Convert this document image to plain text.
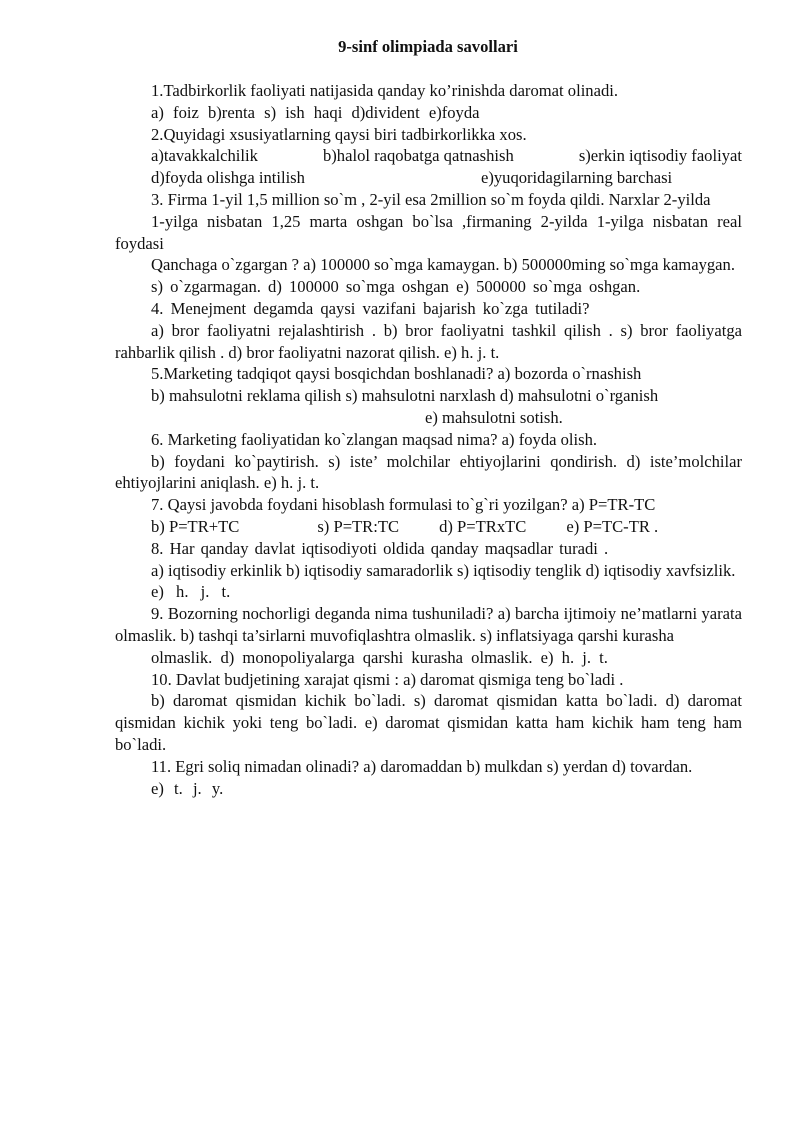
9-sinf olimpiada savollari

1.Tadbirkorlik faoliyati natijasida qanday ko’rinishda daromat olinadi.

a) foiz b)renta s) ish haqi d)divident e)foyda

2.Quyidagi xsusiyatlarning qaysi biri tadbirkorlikka xos.

a)tavakkalchilik	b)halol raqobatga qatnashish	s)erkin iqtisodiy faoliyat
d)foyda olishga intilish	e)yuqoridagilarning barchasi

3. Firma 1-yil 1,5 million so`m , 2-yil esa 2million so`m foyda qildi. Narxlar 2-yilda

1-yilga nisbatan 1,25 marta oshgan bo`lsa ,firmaning 2-yilda 1-yilga nisbatan real foydasi

Qanchaga o`zgargan ? a) 100000 so`mga kamaygan. b) 500000ming so`mga kamaygan.

s) o`zgarmagan. d) 100000 so`mga oshgan e) 500000 so`mga oshgan.

4. Menejment degamda qaysi vazifani bajarish ko`zga tutiladi?

a) bror faoliyatni rejalashtirish . b) bror faoliyatni tashkil qilish . s) bror faoliyatga rahbarlik qilish . d) bror faoliyatni nazorat qilish. e) h. j. t.

5.Marketing tadqiqot qaysi bosqichdan boshlanadi? a) bozorda o`rnashish

b) mahsulotni reklama qilish s) mahsulotni narxlash d) mahsulotni o`rganish

e) mahsulotni sotish.

6. Marketing faoliyatidan ko`zlangan maqsad nima? a) foyda olish.

b) foydani ko`paytirish. s) iste’ molchilar ehtiyojlarini qondirish. d) iste’molchilar ehtiyojlarini aniqlash. e) h. j. t.

7. Qaysi javobda foydani hisoblash formulasi to`g`ri yozilgan? a) P=TR-TC

b) P=TR+TC	s) P=TR:TC d) P=TRxTC e) P=TC-TR .

8. Har qanday davlat iqtisodiyoti oldida qanday maqsadlar turadi .

a) iqtisodiy erkinlik b) iqtisodiy samaradorlik s) iqtisodiy tenglik d) iqtisodiy xavfsizlik.

e) h. j. t.

9. Bozorning nochorligi deganda nima tushuniladi? a) barcha ijtimoiy ne’matlarni yarata olmaslik. b) tashqi ta’sirlarni muvofiqlashtra olmaslik. s) inflatsiyaga qarshi kurasha

olmaslik. d) monopoliyalarga qarshi kurasha olmaslik. e) h. j. t.

10. Davlat budjetining xarajat qismi : a) daromat qismiga teng bo`ladi .

b) daromat qismidan kichik bo`ladi. s) daromat qismidan katta bo`ladi. d) daromat qismidan kichik yoki teng bo`ladi. e) daromat qismidan katta ham kichik ham teng ham bo`ladi.

11. Egri soliq nimadan olinadi? a) daromaddan b) mulkdan s) yerdan d) tovardan.

e) t. j. y.
